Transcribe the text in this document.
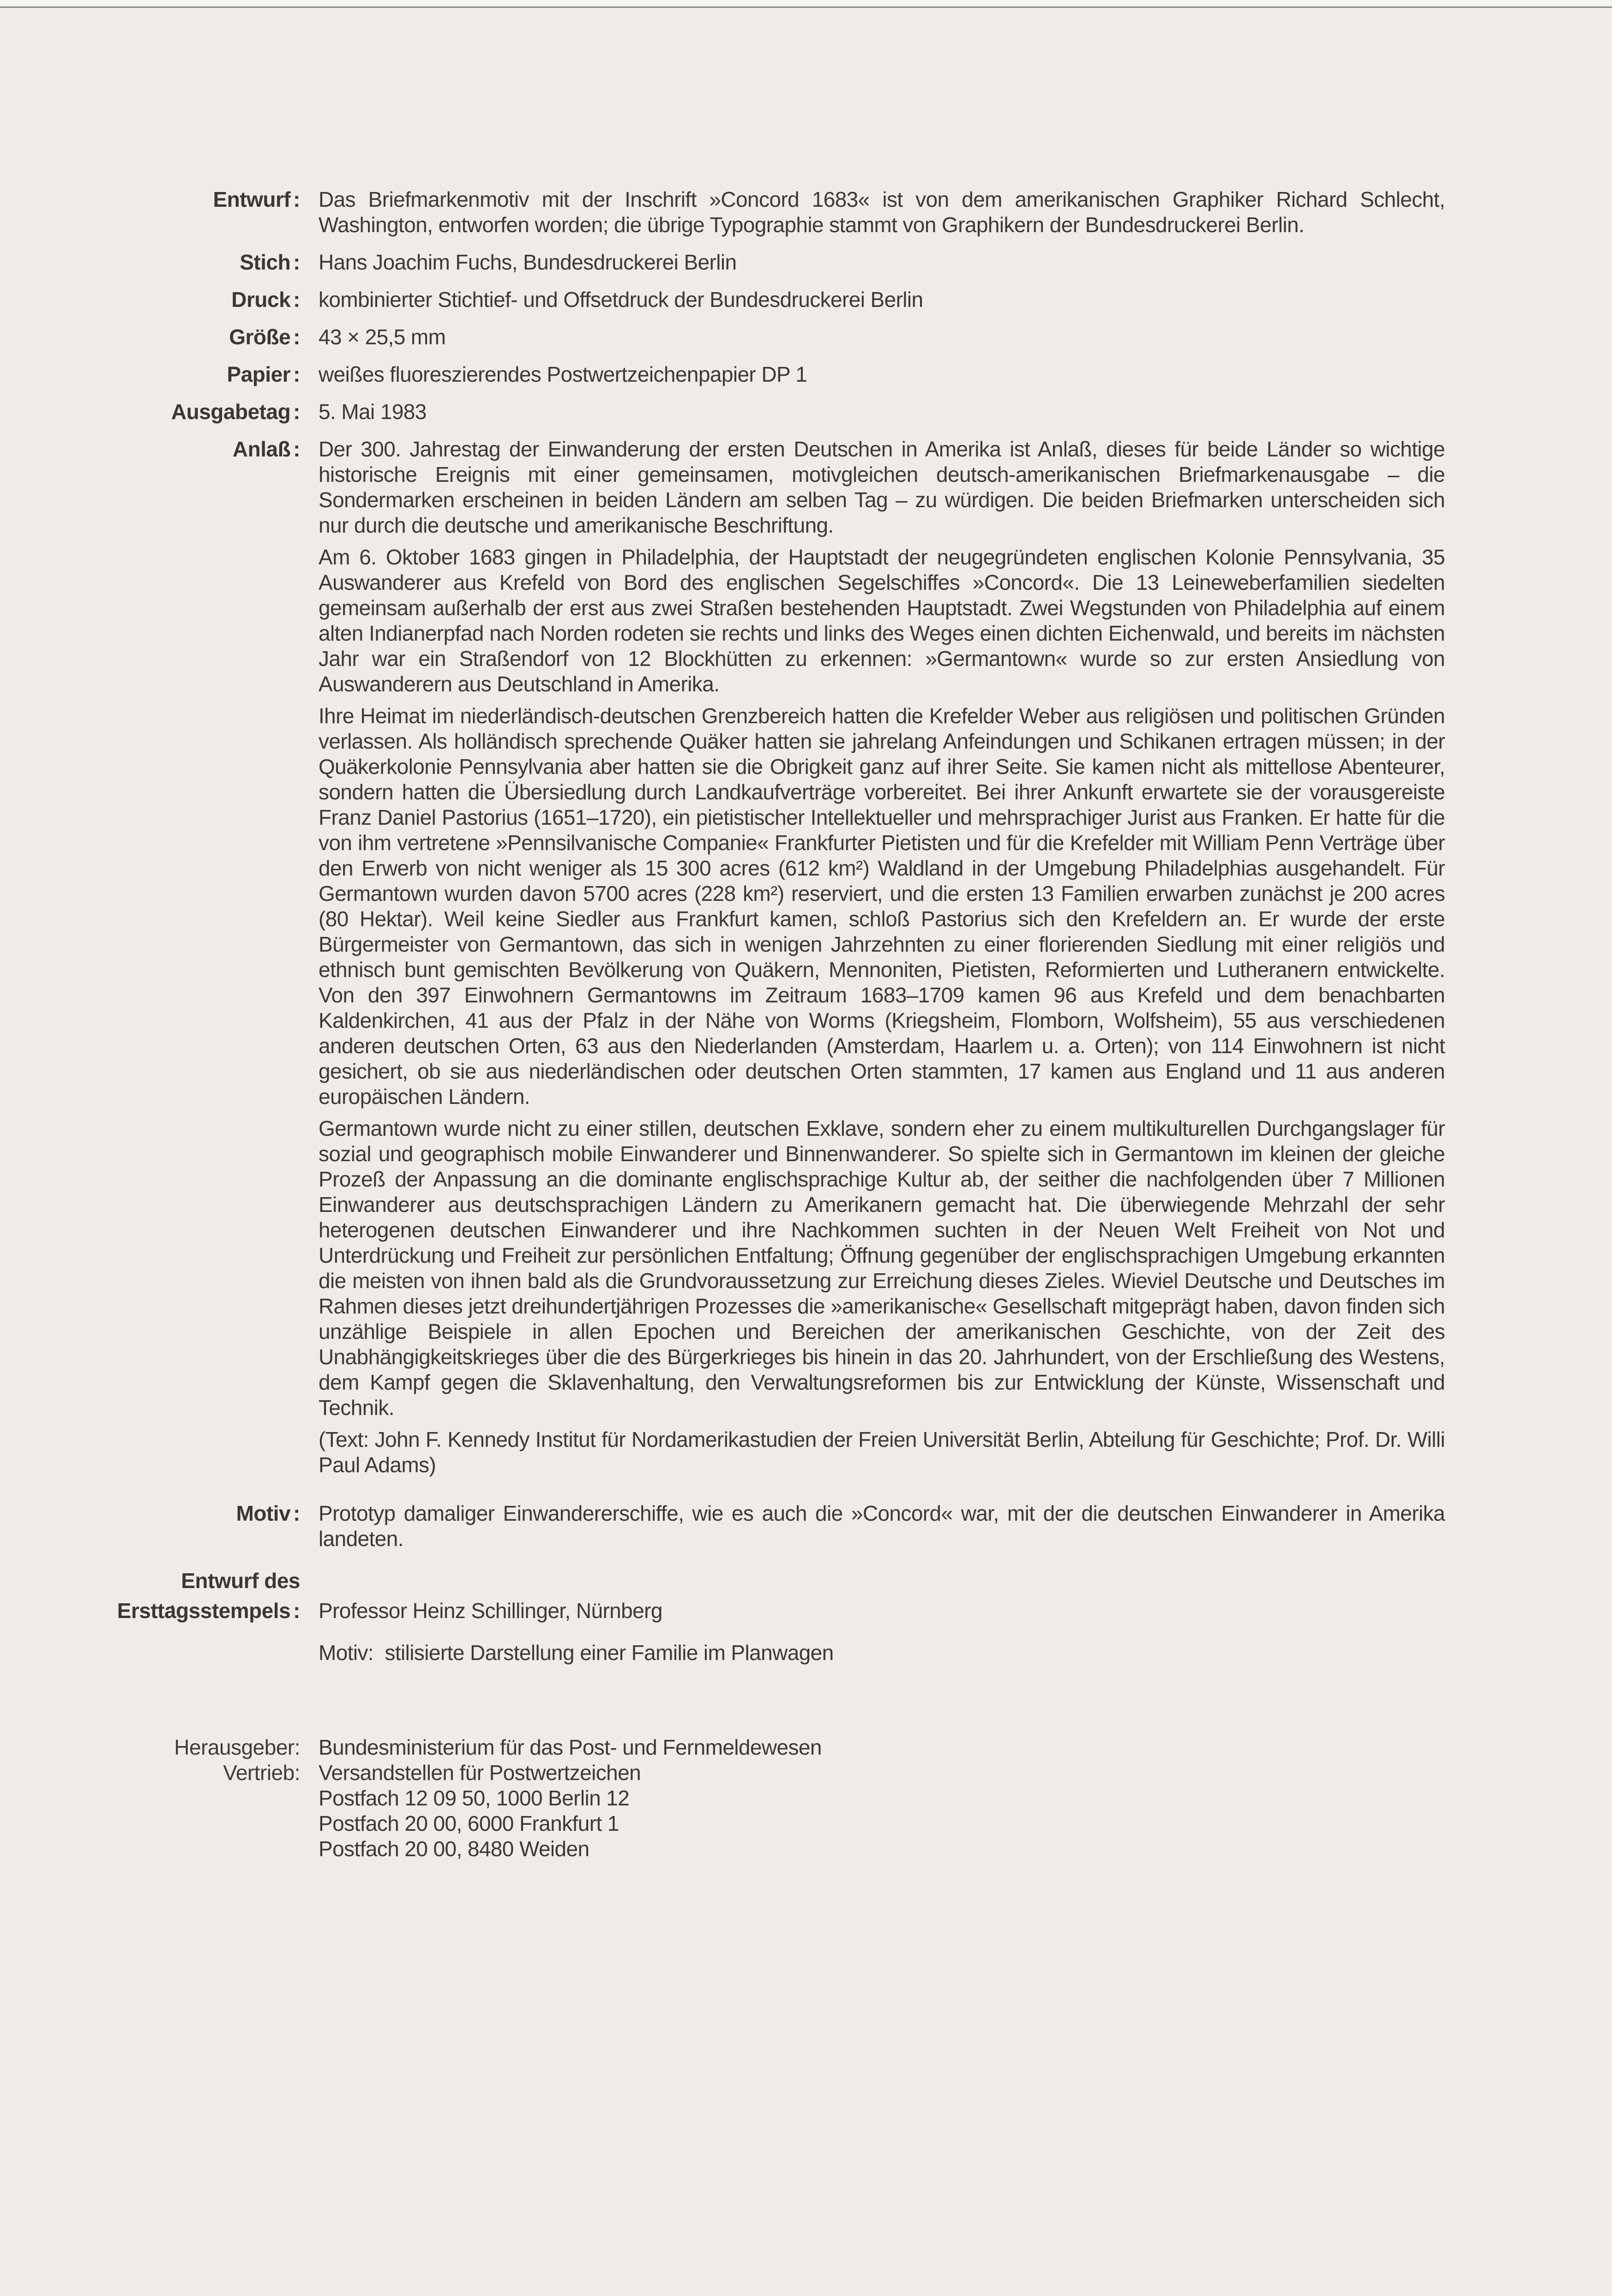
Entwurf : Das Briefmarkenmotiv mit der Inschrift »Concord 1683« ist von dem amerikanischen Graphiker Richard Schlecht, Washington, entworfen worden; die übrige Typographie stammt von Graphikern der Bundesdruckerei Berlin.
Stich : Hans Joachim Fuchs, Bundesdruckerei Berlin
Druck : kombinierter Stichtief- und Offsetdruck der Bundesdruckerei Berlin
Größe : 43 × 25,5 mm
Papier : weißes fluoreszierendes Postwertzeichenpapier DP 1
Ausgabetag : 5. Mai 1983
Anlaß : Der 300. Jahrestag der Einwanderung der ersten Deutschen in Amerika ist Anlaß, dieses für beide Länder so wichtige historische Ereignis mit einer gemeinsamen, motivgleichen deutsch-amerikanischen Briefmarkenausgabe – die Sondermarken erscheinen in beiden Ländern am selben Tag – zu würdigen. Die beiden Briefmarken unterscheiden sich nur durch die deutsche und amerikanische Beschriftung.

Am 6. Oktober 1683 gingen in Philadelphia, der Hauptstadt der neugegründeten englischen Kolonie Pennsylvania, 35 Auswanderer aus Krefeld von Bord des englischen Segelschiffes »Concord«. Die 13 Leineweberfamilien siedelten gemeinsam außerhalb der erst aus zwei Straßen bestehenden Hauptstadt. Zwei Wegstunden von Philadelphia auf einem alten Indianerpfad nach Norden rodeten sie rechts und links des Weges einen dichten Eichenwald, und bereits im nächsten Jahr war ein Straßendorf von 12 Blockhütten zu erkennen: »Germantown« wurde so zur ersten Ansiedlung von Auswanderern aus Deutschland in Amerika.

Ihre Heimat im niederländisch-deutschen Grenzbereich hatten die Krefelder Weber aus religiösen und politischen Gründen verlassen. Als holländisch sprechende Quäker hatten sie jahrelang Anfeindungen und Schikanen ertragen müssen; in der Quäkerkolonie Pennsylvania aber hatten sie die Obrigkeit ganz auf ihrer Seite. Sie kamen nicht als mittellose Abenteurer, sondern hatten die Übersiedlung durch Landkaufverträge vorbereitet. Bei ihrer Ankunft erwartete sie der vorausgereiste Franz Daniel Pastorius (1651–1720), ein pietistischer Intellektueller und mehrsprachiger Jurist aus Franken. Er hatte für die von ihm vertretene »Pennsilvanische Companie« Frankfurter Pietisten und für die Krefelder mit William Penn Verträge über den Erwerb von nicht weniger als 15 300 acres (612 km²) Waldland in der Umgebung Philadelphias ausgehandelt. Für Germantown wurden davon 5700 acres (228 km²) reserviert, und die ersten 13 Familien erwarben zunächst je 200 acres (80 Hektar). Weil keine Siedler aus Frankfurt kamen, schloß Pastorius sich den Krefeldern an. Er wurde der erste Bürgermeister von Germantown, das sich in wenigen Jahrzehnten zu einer florierenden Siedlung mit einer religiös und ethnisch bunt gemischten Bevölkerung von Quäkern, Mennoniten, Pietisten, Reformierten und Lutheranern entwickelte. Von den 397 Einwohnern Germantowns im Zeitraum 1683–1709 kamen 96 aus Krefeld und dem benachbarten Kaldenkirchen, 41 aus der Pfalz in der Nähe von Worms (Kriegsheim, Flomborn, Wolfsheim), 55 aus verschiedenen anderen deutschen Orten, 63 aus den Niederlanden (Amsterdam, Haarlem u. a. Orten); von 114 Einwohnern ist nicht gesichert, ob sie aus niederländischen oder deutschen Orten stammten, 17 kamen aus England und 11 aus anderen europäischen Ländern.

Germantown wurde nicht zu einer stillen, deutschen Exklave, sondern eher zu einem multikulturellen Durchgangslager für sozial und geographisch mobile Einwanderer und Binnenwanderer. So spielte sich in Germantown im kleinen der gleiche Prozeß der Anpassung an die dominante englischsprachige Kultur ab, der seither die nachfolgenden über 7 Millionen Einwanderer aus deutschsprachigen Ländern zu Amerikanern gemacht hat. Die überwiegende Mehrzahl der sehr heterogenen deutschen Einwanderer und ihre Nachkommen suchten in der Neuen Welt Freiheit von Not und Unterdrückung und Freiheit zur persönlichen Entfaltung; Öffnung gegenüber der englischsprachigen Umgebung erkannten die meisten von ihnen bald als die Grundvoraussetzung zur Erreichung dieses Zieles. Wieviel Deutsche und Deutsches im Rahmen dieses jetzt dreihundertjährigen Prozesses die »amerikanische« Gesellschaft mitgeprägt haben, davon finden sich unzählige Beispiele in allen Epochen und Bereichen der amerikanischen Geschichte, von der Zeit des Unabhängigkeitskrieges über die des Bürgerkrieges bis hinein in das 20. Jahrhundert, von der Erschließung des Westens, dem Kampf gegen die Sklavenhaltung, den Verwaltungsreformen bis zur Entwicklung der Künste, Wissenschaft und Technik.

(Text: John F. Kennedy Institut für Nordamerikastudien der Freien Universität Berlin, Abteilung für Geschichte; Prof. Dr. Willi Paul Adams)

Motiv : Prototyp damaliger Einwandererschiffe, wie es auch die »Concord« war, mit der die deutschen Einwanderer in Amerika landeten.
Entwurf des
Ersttagsstempels : Professor Heinz Schillinger, Nürnberg
Motiv:  stilisierte Darstellung einer Familie im Planwagen
Herausgeber: Bundesministerium für das Post- und Fernmeldewesen
Vertrieb: Versandstellen für Postwertzeichen
Postfach 12 09 50, 1000 Berlin 12
Postfach 20 00, 6000 Frankfurt 1
Postfach 20 00, 8480 Weiden
